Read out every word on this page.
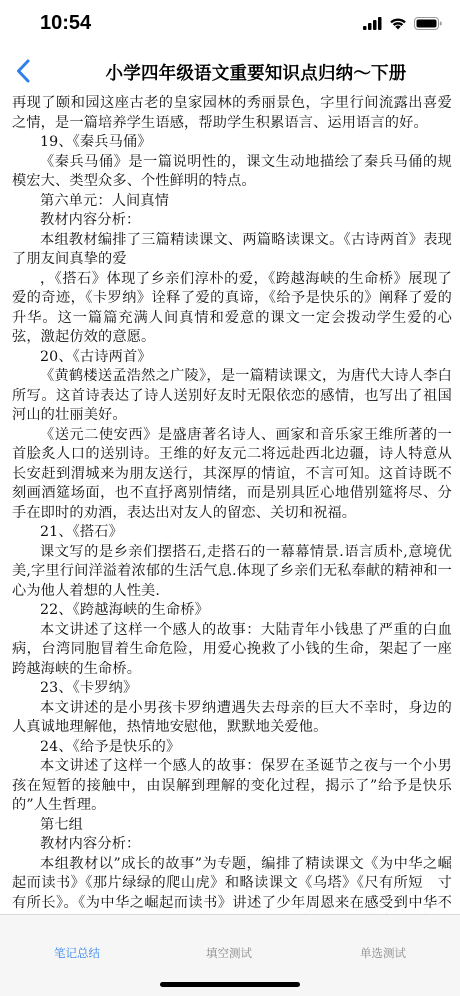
10:54
小学四年级语文重要知识点归纳～下册

再现了颐和园这座古老的皇家园林的秀丽景色，字里行间流露出喜爱之情，是一篇培养学生语感，帮助学生积累语言、运用语言的好。

19、《秦兵马俑》

《秦兵马俑》是一篇说明性的，课文生动地描绘了秦兵马俑的规模宏大、类型众多、个性鲜明的特点。

第六单元：人间真情

教材内容分析：

本组教材编排了三篇精读课文、两篇略读课文。《古诗两首》表现了朋友间真挚的爱

，《搭石》体现了乡亲们淳朴的爱，《跨越海峡的生命桥》展现了爱的奇迹，《卡罗纳》诠释了爱的真谛，《给予是快乐的》阐释了爱的升华。这一篇篇充满人间真情和爱意的课文一定会拨动学生爱的心弦，激起仿效的意愿。

20、《古诗两首》

《黄鹤楼送孟浩然之广陵》，是一篇精读课文，为唐代大诗人李白所写。这首诗表达了诗人送别好友时无限依恋的感情，也写出了祖国河山的壮丽美好。

《送元二使安西》是盛唐著名诗人、画家和音乐家王维所著的一首脍炙人口的送别诗。王维的好友元二将远赴西北边疆，诗人特意从长安赶到渭城来为朋友送行，其深厚的情谊，不言可知。这首诗既不刻画酒筵场面，也不直抒离别情绪，而是别具匠心地借别筵将尽、分手在即时的劝酒，表达出对友人的留恋、关切和祝福。

21、《搭石》

课文写的是乡亲们摆搭石,走搭石的一幕幕情景.语言质朴,意境优美,字里行间洋溢着浓郁的生活气息.体现了乡亲们无私奉献的精神和一心为他人着想的人性美.

22、《跨越海峡的生命桥》

本文讲述了这样一个感人的故事：大陆青年小钱患了严重的白血病，台湾同胞冒着生命危险，用爱心挽救了小钱的生命，架起了一座跨越海峡的生命桥。

23、《卡罗纳》

本文讲述的是小男孩卡罗纳遭遇失去母亲的巨大不幸时，身边的人真诚地理解他，热情地安慰他，默默地关爱他。

24、《给予是快乐的》

本文讲述了这样一个感人的故事：保罗在圣诞节之夜与一个小男孩在短暂的接触中，由误解到理解的变化过程，揭示了”给予是快乐的”人生哲理。

第七组

教材内容分析：

本组教材以”成长的故事”为专题，编排了精读课文《为中华之崛起而读书》《那片绿绿的爬山虎》和略读课文《乌塔》《尺有所短　寸有所长》。《为中华之崛起而读书》讲述了少年周恩来在感受到中华不　

笔记总结	填空测试	单选测试
